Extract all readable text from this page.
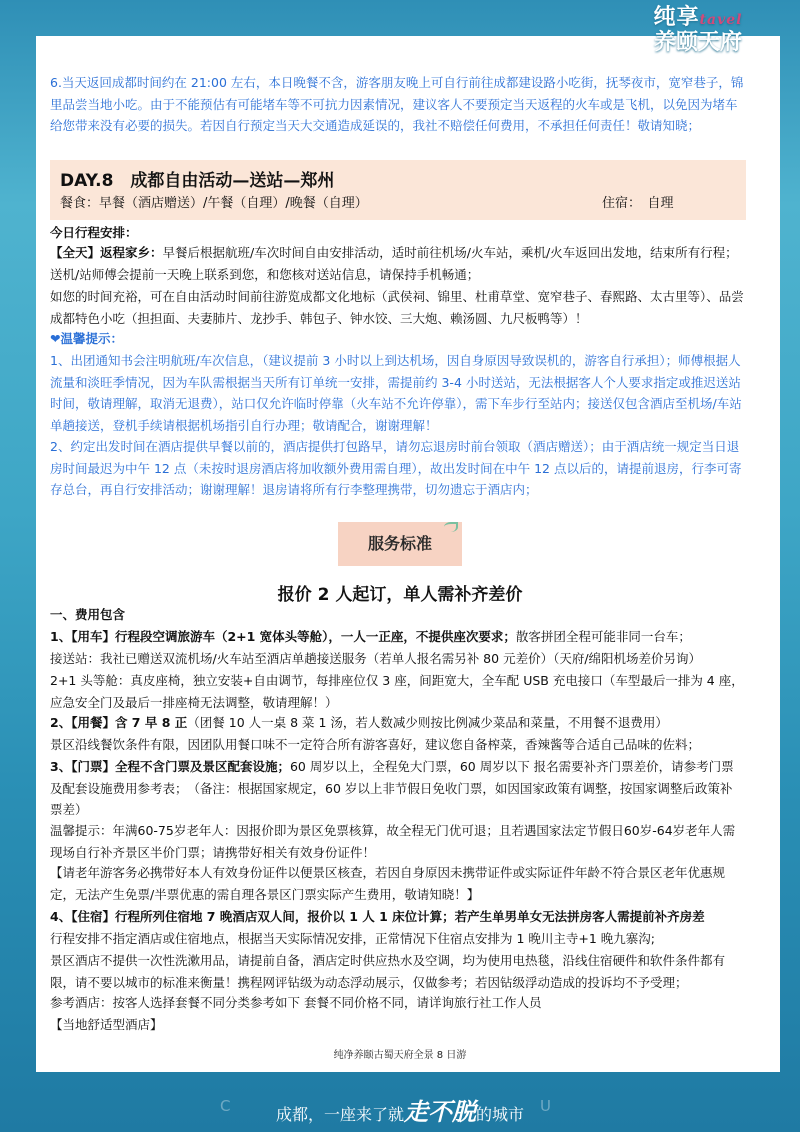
纯享tavel
养颐天府
多重美景尽收眼底 · 川西游 · 民族风情 · 经典线路
6.当天返回成都时间约在 21:00 左右，本日晚餐不含，游客朋友晚上可自行前往成都建设路小吃街，抚琴夜市，宽窄巷子，锦里品尝当地小吃。由于不能预估有可能堵车等不可抗力因素情况，建议客人不要预定当天返程的火车或是飞机，以免因为堵车给您带来没有必要的损失。若因自行预定当天大交通造成延误的，我社不赔偿任何费用，不承担任何责任！敬请知晓；
DAY.8　成都自由活动—送站—郑州
餐食：早餐（酒店赠送）/午餐（自理）/晚餐（自理）	住宿：　 自理
今日行程安排：
【全天】返程家乡：早餐后根据航班/车次时间自由安排活动，适时前往机场/火车站，乘机/火车返回出发地，结束所有行程；送机/站师傅会提前一天晚上联系到您，和您核对送站信息，请保持手机畅通；
如您的时间充裕，可在自由活动时间前往游览成都文化地标（武侯祠、锦里、杜甫草堂、宽窄巷子、春熙路、太古里等）、品尝成都特色小吃（担担面、夫妻肺片、龙抄手、韩包子、钟水饺、三大炮、赖汤圆、九尺板鸭等）！
❤温馨提示：
1、出团通知书会注明航班/车次信息，（建议提前 3 小时以上到达机场，因自身原因导致误机的，游客自行承担）；师傅根据人流量和淡旺季情况，因为车队需根据当天所有订单统一安排，需提前约 3-4 小时送站，无法根据客人个人要求指定或推迟送站时间，敬请理解，取消无退费），站口仅允许临时停靠（火车站不允许停靠），需下车步行至站内；接送仅包含酒店至机场/车站单趟接送，登机手续请根据机场指引自行办理；敬请配合，谢谢理解！
2、约定出发时间在酒店提供早餐以前的，酒店提供打包路早，请勿忘退房时前台领取（酒店赠送）；由于酒店统一规定当日退房时间最迟为中午 12 点（未按时退房酒店将加收额外费用需自理），故出发时间在中午 12 点以后的，请提前退房，行李可寄存总台，再自行安排活动；谢谢理解！退房请将所有行李整理携带，切勿遗忘于酒店内；
服务标准
报价 2 人起订，单人需补齐差价
一、费用包含
1、【用车】行程段空调旅游车（2+1 宽体头等舱），一人一正座，不提供座次要求；散客拼团全程可能非同一台车；
接送站：我社已赠送双流机场/火车站至酒店单趟接送服务（若单人报名需另补 80 元差价）（天府/绵阳机场差价另询）
2+1 头等舱：真皮座椅，独立安装+自由调节，每排座位仅 3 座，间距宽大，全车配 USB 充电接口（车型最后一排为 4 座，应急安全门及最后一排座椅无法调整，敬请理解！）
2、【用餐】含 7 早 8 正（团餐 10 人一桌 8 菜 1 汤，若人数减少则按比例减少菜品和菜量，不用餐不退费用）
景区沿线餐饮条件有限，因团队用餐口味不一定符合所有游客喜好，建议您自备榨菜，香辣酱等合适自己品味的佐料；
3、【门票】全程不含门票及景区配套设施；60 周岁以上，全程免大门票，60 周岁以下 报名需要补齐门票差价，请参考门票及配套设施费用参考表；　（备注：根据国家规定，60 岁以上非节假日免收门票，如因国家政策有调整，按国家调整后政策补票差）
温馨提示：年满60-75岁老年人：因报价即为景区免票核算，故全程无门优可退；且若遇国家法定节假日60岁-64岁老年人需现场自行补齐景区半价门票；请携带好相关有效身份证件！
【请老年游客务必携带好本人有效身份证件以便景区核查，若因自身原因未携带证件或实际证件年龄不符合景区老年优惠规定，无法产生免票/半票优惠的需自理各景区门票实际产生费用，敬请知晓！】
4、【住宿】行程所列住宿地 7 晚酒店双人间，报价以 1 人 1 床位计算；若产生单男单女无法拼房客人需提前补齐房差
行程安排不指定酒店或住宿地点，根据当天实际情况安排，正常情况下住宿点安排为 1 晚川主寺+1 晚九寨沟;
景区酒店不提供一次性洗漱用品，请提前自备，酒店定时供应热水及空调，均为使用电热毯，沿线住宿硬件和软件条件都有限，请不要以城市的标准来衡量！携程网评钻级为动态浮动展示，仅做参考；若因钻级浮动造成的投诉均不予受理；
参考酒店：按客人选择套餐不同分类参考如下 套餐不同价格不同，请详询旅行社工作人员
【当地舒适型酒店】
纯净养颐古蜀天府全景 8 日游
C	U
成都，一座来了就走不脱的城市
